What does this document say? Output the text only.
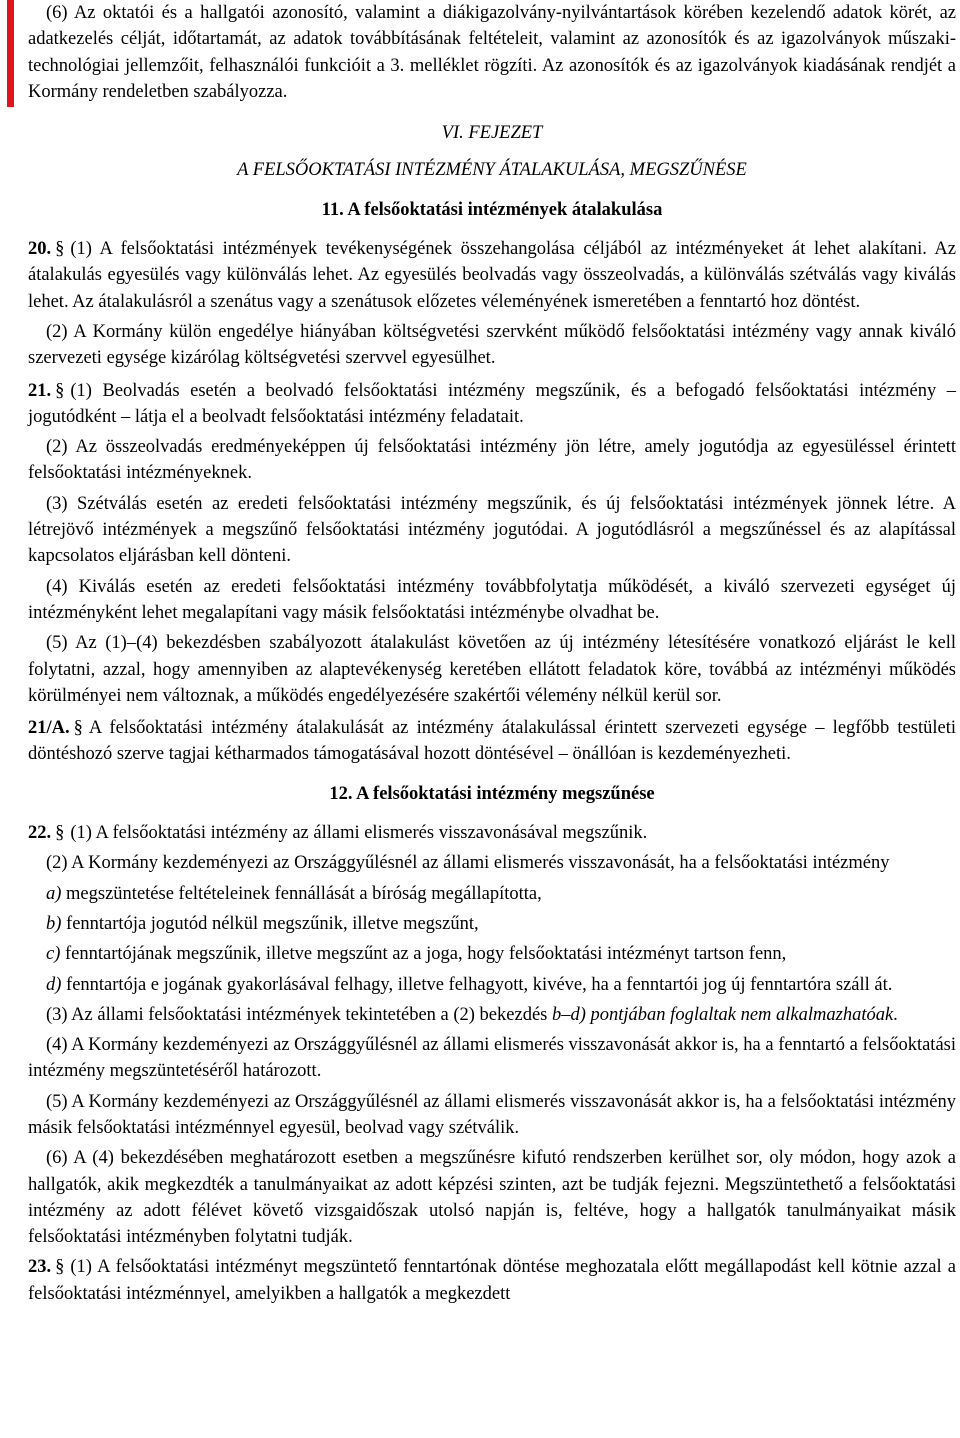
(6) Az oktatói és a hallgatói azonosító, valamint a diákigazolvány-nyilvántartások körében kezelendő adatok körét, az adatkezelés célját, időtartamát, az adatok továbbításának feltételeit, valamint az azonosítók és az igazolványok műszaki-technológiai jellemzőit, felhasználói funkcióit a 3. melléklet rögzíti. Az azonosítók és az igazolványok kiadásának rendjét a Kormány rendeletben szabályozza.

VI. FEJEZET

A FELSŐOKTATÁSI INTÉZMÉNY ÁTALAKULÁSA, MEGSZŰNÉSE

11. A felsőoktatási intézmények átalakulása

20. § (1) A felsőoktatási intézmények tevékenységének összehangolása céljából az intézményeket át lehet alakítani. Az átalakulás egyesülés vagy különválás lehet. Az egyesülés beolvadás vagy összeolvadás, a különválás szétválás vagy kiválás lehet. Az átalakulásról a szenátus vagy a szenátusok előzetes véleményének ismeretében a fenntartó hoz döntést.

(2) A Kormány külön engedélye hiányában költségvetési szervként működő felsőoktatási intézmény vagy annak kiváló szervezeti egysége kizárólag költségvetési szervvel egyesülhet.

21. § (1) Beolvadás esetén a beolvadó felsőoktatási intézmény megszűnik, és a befogadó felsőoktatási intézmény – jogutódként – látja el a beolvadt felsőoktatási intézmény feladatait.

(2) Az összeolvadás eredményeképpen új felsőoktatási intézmény jön létre, amely jogutódja az egyesüléssel érintett felsőoktatási intézményeknek.

(3) Szétválás esetén az eredeti felsőoktatási intézmény megszűnik, és új felsőoktatási intézmények jönnek létre. A létrejövő intézmények a megszűnő felsőoktatási intézmény jogutódai. A jogutódlásról a megszűnéssel és az alapítással kapcsolatos eljárásban kell dönteni.

(4) Kiválás esetén az eredeti felsőoktatási intézmény továbbfolytatja működését, a kiváló szervezeti egységet új intézményként lehet megalapítani vagy másik felsőoktatási intézménybe olvadhat be.

(5) Az (1)–(4) bekezdésben szabályozott átalakulást követően az új intézmény létesítésére vonatkozó eljárást le kell folytatni, azzal, hogy amennyiben az alaptevékenység keretében ellátott feladatok köre, továbbá az intézményi működés körülményei nem változnak, a működés engedélyezésére szakértői vélemény nélkül kerül sor.

21/A. § A felsőoktatási intézmény átalakulását az intézmény átalakulással érintett szervezeti egysége – legfőbb testületi döntéshozó szerve tagjai kétharmados támogatásával hozott döntésével – önállóan is kezdeményezheti.

12. A felsőoktatási intézmény megszűnése

22. § (1) A felsőoktatási intézmény az állami elismerés visszavonásával megszűnik.

(2) A Kormány kezdeményezi az Országgyűlésnél az állami elismerés visszavonását, ha a felsőoktatási intézmény

a) megszüntetése feltételeinek fennállását a bíróság megállapította,

b) fenntartója jogutód nélkül megszűnik, illetve megszűnt,

c) fenntartójának megszűnik, illetve megszűnt az a joga, hogy felsőoktatási intézményt tartson fenn,

d) fenntartója e jogának gyakorlásával felhagy, illetve felhagyott, kivéve, ha a fenntartói jog új fenntartóra száll át.

(3) Az állami felsőoktatási intézmények tekintetében a (2) bekezdés b–d) pontjában foglaltak nem alkalmazhatóak.

(4) A Kormány kezdeményezi az Országgyűlésnél az állami elismerés visszavonását akkor is, ha a fenntartó a felsőoktatási intézmény megszüntetéséről határozott.

(5) A Kormány kezdeményezi az Országgyűlésnél az állami elismerés visszavonását akkor is, ha a felsőoktatási intézmény másik felsőoktatási intézménnyel egyesül, beolvad vagy szétválik.

(6) A (4) bekezdésében meghatározott esetben a megszűnésre kifutó rendszerben kerülhet sor, oly módon, hogy azok a hallgatók, akik megkezdték a tanulmányaikat az adott képzési szinten, azt be tudják fejezni. Megszüntethető a felsőoktatási intézmény az adott félévet követő vizsgaidőszak utolsó napján is, feltéve, hogy a hallgatók tanulmányaikat másik felsőoktatási intézményben folytatni tudják.

23. § (1) A felsőoktatási intézményt megszüntető fenntartónak döntése meghozatala előtt megállapodást kell kötnie azzal a felsőoktatási intézménnyel, amelyikben a hallgatók a megkezdett
